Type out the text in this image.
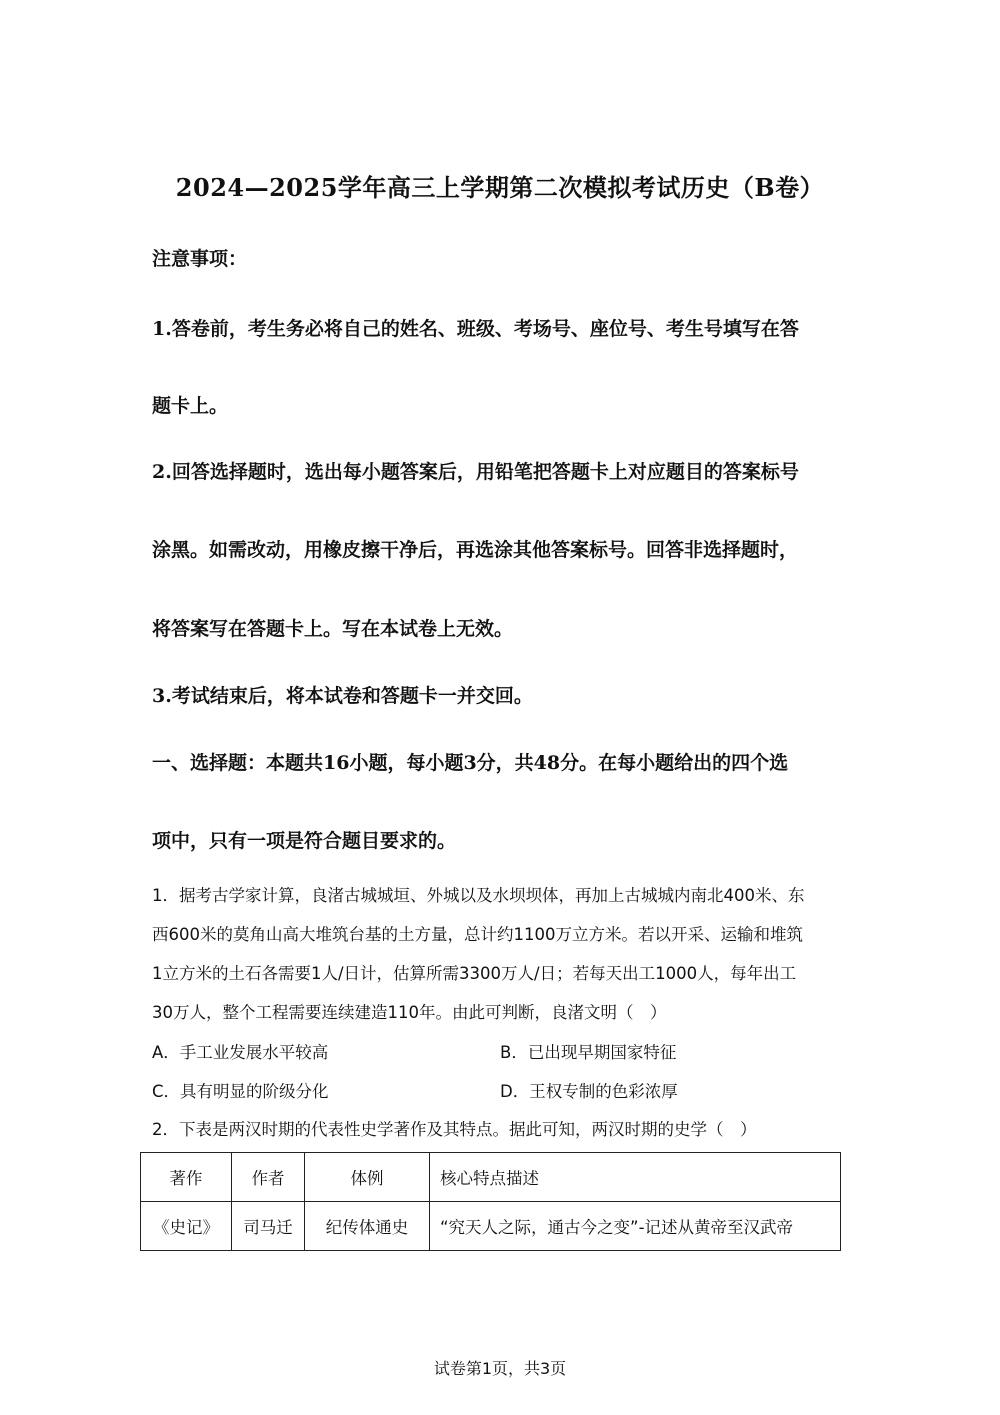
2024—2025学年高三上学期第二次模拟考试历史（B卷）
注意事项：
1.答卷前，考生务必将自己的姓名、班级、考场号、座位号、考生号填写在答
题卡上。
2.回答选择题时，选出每小题答案后，用铅笔把答题卡上对应题目的答案标号
涂黑。如需改动，用橡皮擦干净后，再选涂其他答案标号。回答非选择题时，
将答案写在答题卡上。写在本试卷上无效。
3.考试结束后，将本试卷和答题卡一并交回。
一、选择题：本题共16小题，每小题3分，共48分。在每小题给出的四个选
项中，只有一项是符合题目要求的。
1．据考古学家计算，良渚古城城垣、外城以及水坝坝体，再加上古城城内南北400米、东
西600米的莫角山高大堆筑台基的土方量，总计约1100万立方米。若以开采、运输和堆筑
1立方米的土石各需要1人/日计，估算所需3300万人/日；若每天出工1000人，每年出工
30万人，整个工程需要连续建造110年。由此可判断，良渚文明（　）
A．手工业发展水平较高	B．已出现早期国家特征
C．具有明显的阶级分化	D．王权专制的色彩浓厚
2．下表是两汉时期的代表性史学著作及其特点。据此可知，两汉时期的史学（　）
著作	作者	体例	核心特点描述
《史记》	司马迁	纪传体通史	“究天人之际，通古今之变”-记述从黄帝至汉武帝
试卷第1页，共3页
